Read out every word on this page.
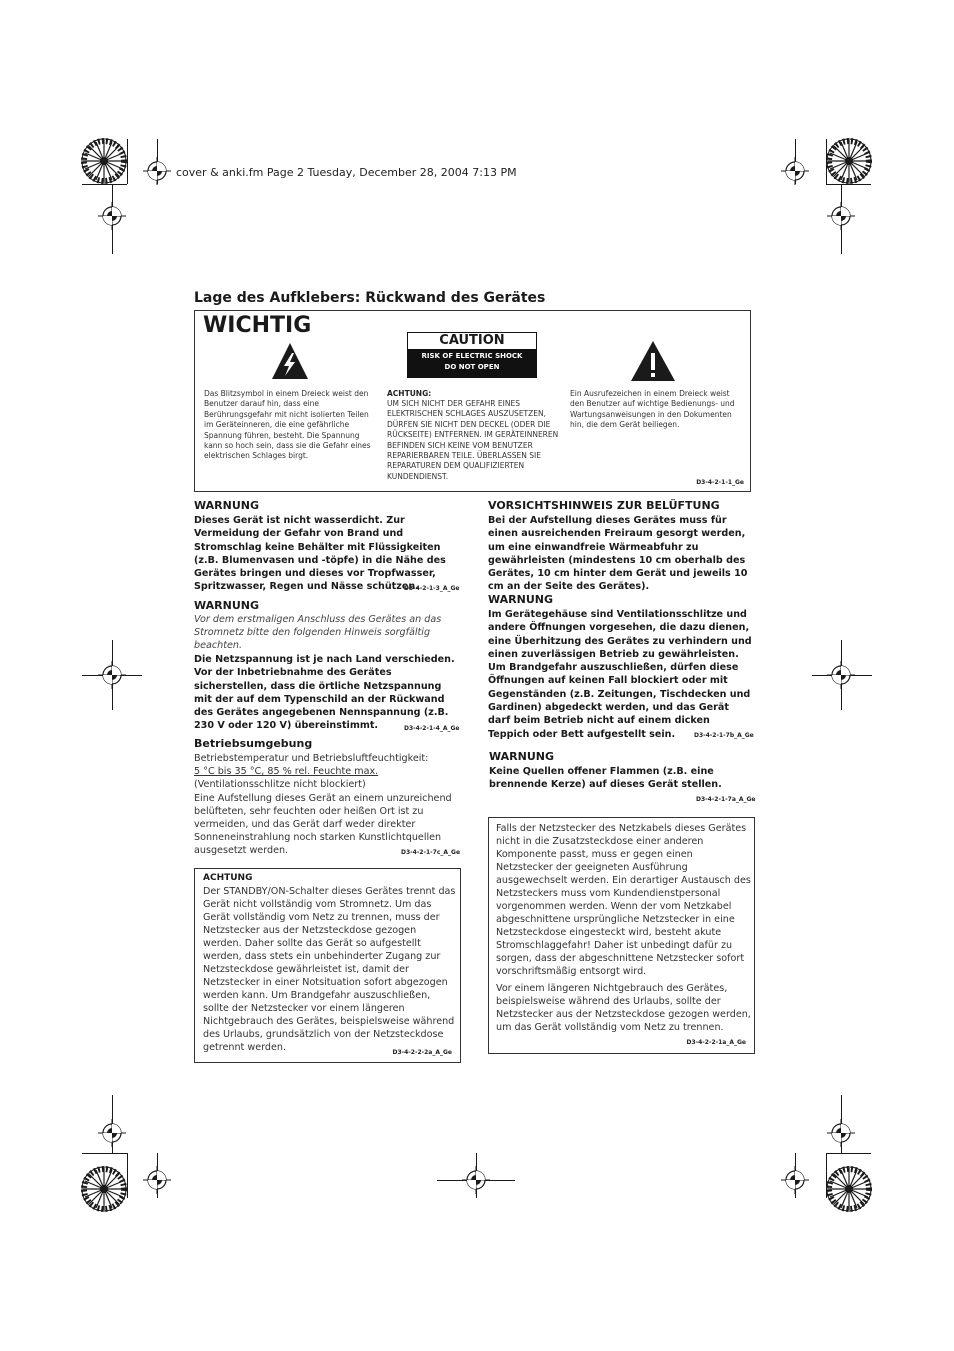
cover & anki.fm Page 2 Tuesday, December 28, 2004 7:13 PM
Lage des Aufklebers: Rückwand des Gerätes
WICHTIG
CAUTION
RISK OF ELECTRIC SHOCK
DO NOT OPEN
Das Blitzsymbol in einem Dreieck weist den Benutzer darauf hin, dass eine Berührungsgefahr mit nicht isolierten Teilen im Geräteinneren, die eine gefährliche Spannung führen, besteht. Die Spannung kann so hoch sein, dass sie die Gefahr eines elektrischen Schlages birgt.
ACHTUNG:
UM SICH NICHT DER GEFAHR EINES ELEKTRISCHEN SCHLAGES AUSZUSETZEN, DÜRFEN SIE NICHT DEN DECKEL (ODER DIE RÜCKSEITE) ENTFERNEN. IM GERÄTEINNEREN BEFINDEN SICH KEINE VOM BENUTZER REPARIERBAREN TEILE. ÜBERLASSEN SIE REPARATUREN DEM QUALIFIZIERTEN KUNDENDIENST.
Ein Ausrufezeichen in einem Dreieck weist den Benutzer auf wichtige Bedienungs- und Wartungsanweisungen in den Dokumenten hin, die dem Gerät beiliegen.
D3-4-2-1-1_Ge
WARNUNG
Dieses Gerät ist nicht wasserdicht. Zur Vermeidung der Gefahr von Brand und Stromschlag keine Behälter mit Flüssigkeiten (z.B. Blumenvasen und -töpfe) in die Nähe des Gerätes bringen und dieses vor Tropfwasser, Spritzwasser, Regen und Nässe schützen.
D3-4-2-1-3_A_Ge
WARNUNG
Vor dem erstmaligen Anschluss des Gerätes an das Stromnetz bitte den folgenden Hinweis sorgfältig beachten.
Die Netzspannung ist je nach Land verschieden. Vor der Inbetriebnahme des Gerätes sicherstellen, dass die örtliche Netzspannung mit der auf dem Typenschild an der Rückwand des Gerätes angegebenen Nennspannung (z.B. 230 V oder 120 V) übereinstimmt.	D3-4-2-1-4_A_Ge
Betriebsumgebung
Betriebstemperatur und Betriebsluftfeuchtigkeit:
5 °C bis 35 °C, 85 % rel. Feuchte max.
(Ventilationsschlitze nicht blockiert)
Eine Aufstellung dieses Gerät an einem unzureichend belüfteten, sehr feuchten oder heißen Ort ist zu vermeiden, und das Gerät darf weder direkter Sonneneinstrahlung noch starken Kunstlichtquellen ausgesetzt werden.	D3-4-2-1-7c_A_Ge
ACHTUNG
Der STANDBY/ON-Schalter dieses Gerätes trennt das Gerät nicht vollständig vom Stromnetz. Um das Gerät vollständig vom Netz zu trennen, muss der Netzstecker aus der Netzsteckdose gezogen werden. Daher sollte das Gerät so aufgestellt werden, dass stets ein unbehinderter Zugang zur Netzsteckdose gewährleistet ist, damit der Netzstecker in einer Notsituation sofort abgezogen werden kann. Um Brandgefahr auszuschließen, sollte der Netzstecker vor einem längeren Nichtgebrauch des Gerätes, beispielsweise während des Urlaubs, grundsätzlich von der Netzsteckdose getrennt werden.	D3-4-2-2-2a_A_Ge
VORSICHTSHINWEIS ZUR BELÜFTUNG
Bei der Aufstellung dieses Gerätes muss für einen ausreichenden Freiraum gesorgt werden, um eine einwandfreie Wärmeabfuhr zu gewährleisten (mindestens 10 cm oberhalb des Gerätes, 10 cm hinter dem Gerät und jeweils 10 cm an der Seite des Gerätes).
WARNUNG
Im Gerätegehäuse sind Ventilationsschlitze und andere Öffnungen vorgesehen, die dazu dienen, eine Überhitzung des Gerätes zu verhindern und einen zuverlässigen Betrieb zu gewährleisten. Um Brandgefahr auszuschließen, dürfen diese Öffnungen auf keinen Fall blockiert oder mit Gegenständen (z.B. Zeitungen, Tischdecken und Gardinen) abgedeckt werden, und das Gerät darf beim Betrieb nicht auf einem dicken Teppich oder Bett aufgestellt sein.	D3-4-2-1-7b_A_Ge
WARNUNG
Keine Quellen offener Flammen (z.B. eine brennende Kerze) auf dieses Gerät stellen.
D3-4-2-1-7a_A_Ge
Falls der Netzstecker des Netzkabels dieses Gerätes nicht in die Zusatzsteckdose einer anderen Komponente passt, muss er gegen einen Netzstecker der geeigneten Ausführung ausgewechselt werden. Ein derartiger Austausch des Netzsteckers muss vom Kundendienstpersonal vorgenommen werden. Wenn der vom Netzkabel abgeschnittene ursprüngliche Netzstecker in eine Netzsteckdose eingesteckt wird, besteht akute Stromschlaggefahr! Daher ist unbedingt dafür zu sorgen, dass der abgeschnittene Netzstecker sofort vorschriftsmäßig entsorgt wird.
Vor einem längeren Nichtgebrauch des Gerätes, beispielsweise während des Urlaubs, sollte der Netzstecker aus der Netzsteckdose gezogen werden, um das Gerät vollständig vom Netz zu trennen.
D3-4-2-2-1a_A_Ge
